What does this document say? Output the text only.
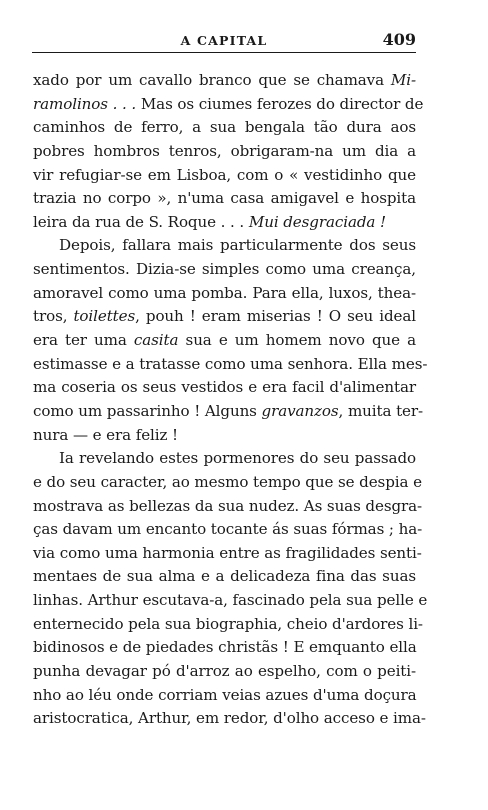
A CAPITAL	409
xado por um cavallo branco que se chamava Mi-
ramolinos . . . Mas os ciumes ferozes do director de
caminhos de ferro, a sua bengala tão dura aos
pobres hombros tenros, obrigaram-na um dia a
vir refugiar-se em Lisboa, com o « vestidinho que
trazia no corpo », n'uma casa amigavel e hospita
leira da rua de S. Roque . . . Mui desgraciada !
Depois, fallara mais particularmente dos seus
sentimentos. Dizia-se simples como uma creança,
amoravel como uma pomba. Para ella, luxos, thea-
tros, toilettes, pouh ! eram miserias ! O seu ideal
era ter uma casita sua e um homem novo que a
estimasse e a tratasse como uma senhora. Ella mes-
ma coseria os seus vestidos e era facil d'alimentar
como um passarinho ! Alguns gravanzos, muita ter-
nura — e era feliz !
Ia revelando estes pormenores do seu passado
e do seu caracter, ao mesmo tempo que se despia e
mostrava as bellezas da sua nudez. As suas desgra-
ças davam um encanto tocante ás suas fórmas ; ha-
via como uma harmonia entre as fragilidades senti-
mentaes de sua alma e a delicadeza fina das suas
linhas. Arthur escutava-a, fascinado pela sua pelle e
enternecido pela sua biographia, cheio d'ardores li-
bidinosos e de piedades christãs ! E emquanto ella
punha devagar pó d'arroz ao espelho, com o peiti-
nho ao léu onde corriam veias azues d'uma doçura
aristocratica, Arthur, em redor, d'olho acceso e ima-
